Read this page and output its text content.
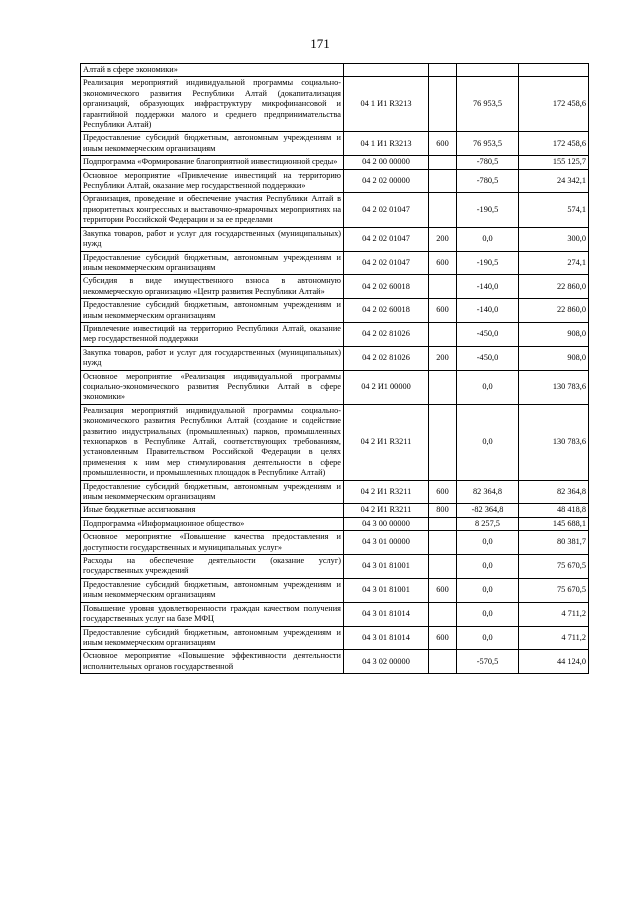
171
Алтай в сфере экономики»				
Реализация мероприятий индивидуальной программы социально-экономического развития Республики Алтай (докапитализация организаций, образующих инфраструктуру микрофинансовой и гарантийной поддержки малого и среднего предпринимательства Республики Алтай)	04 1 И1 R3213		76 953,5	172 458,6
Предоставление субсидий бюджетным, автономным учреждениям и иным некоммерческим организациям	04 1 И1 R3213	600	76 953,5	172 458,6
Подпрограмма «Формирование благоприятной инвестиционной среды»	04 2 00 00000		-780,5	155 125,7
Основное мероприятие «Привлечение инвестиций на территорию Республики Алтай, оказание мер государственной поддержки»	04 2 02 00000		-780,5	24 342,1
Организация, проведение и обеспечение участия Республики Алтай в приоритетных конгрессных и выставочно-ярмарочных мероприятиях на территории Российской Федерации и за ее пределами	04 2 02 01047		-190,5	574,1
Закупка товаров, работ и услуг для государственных (муниципальных) нужд	04 2 02 01047	200	0,0	300,0
Предоставление субсидий бюджетным, автономным учреждениям и иным некоммерческим организациям	04 2 02 01047	600	-190,5	274,1
Субсидия в виде имущественного взноса в автономную некоммерческую организацию «Центр развития Республики Алтай»	04 2 02 60018		-140,0	22 860,0
Предоставление субсидий бюджетным, автономным учреждениям и иным некоммерческим организациям	04 2 02 60018	600	-140,0	22 860,0
Привлечение инвестиций на территорию Республики Алтай, оказание мер государственной поддержки	04 2 02 81026		-450,0	908,0
Закупка товаров, работ и услуг для государственных (муниципальных) нужд	04 2 02 81026	200	-450,0	908,0
Основное мероприятие «Реализация индивидуальной программы социально-экономического развития Республики Алтай в сфере экономики»	04 2 И1 00000		0,0	130 783,6
Реализация мероприятий индивидуальной программы социально-экономического развития Республики Алтай (создание и содействие развитию индустриальных (промышленных) парков, промышленных технопарков в Республике Алтай, соответствующих требованиям, установленным Правительством Российской Федерации в целях применения к ним мер стимулирования деятельности в сфере промышленности, и промышленных площадок в Республике Алтай)	04 2 И1 R3211		0,0	130 783,6
Предоставление субсидий бюджетным, автономным учреждениям и иным некоммерческим организациям	04 2 И1 R3211	600	82 364,8	82 364,8
Иные бюджетные ассигнования	04 2 И1 R3211	800	-82 364,8	48 418,8
Подпрограмма «Информационное общество»	04 3 00 00000		8 257,5	145 688,1
Основное мероприятие «Повышение качества предоставления и доступности государственных и муниципальных услуг»	04 3 01 00000		0,0	80 381,7
Расходы на обеспечение деятельности (оказание услуг) государственных учреждений	04 3 01 81001		0,0	75 670,5
Предоставление субсидий бюджетным, автономным учреждениям и иным некоммерческим организациям	04 3 01 81001	600	0,0	75 670,5
Повышение уровня удовлетворенности граждан качеством получения государственных услуг на базе МФЦ	04 3 01 81014		0,0	4 711,2
Предоставление субсидий бюджетным, автономным учреждениям и иным некоммерческим организациям	04 3 01 81014	600	0,0	4 711,2
Основное мероприятие «Повышение эффективности деятельности исполнительных органов государственной	04 3 02 00000		-570,5	44 124,0
